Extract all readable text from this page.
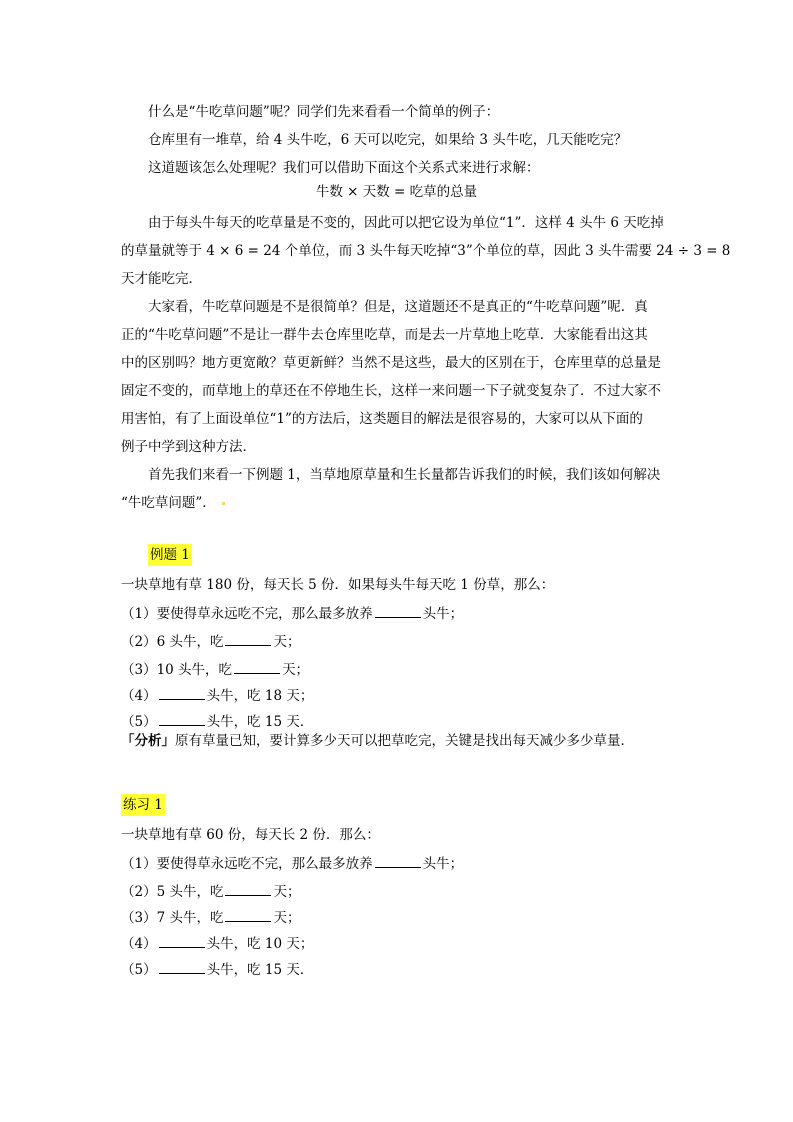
什么是“牛吃草问题”呢？同学们先来看看一个简单的例子：
仓库里有一堆草，给 4 头牛吃，6 天可以吃完，如果给 3 头牛吃，几天能吃完？
这道题该怎么处理呢？我们可以借助下面这个关系式来进行求解：
牛数 × 天数 = 吃草的总量
由于每头牛每天的吃草量是不变的，因此可以把它设为单位“1”．这样 4 头牛 6 天吃掉
的草量就等于 4 × 6 = 24 个单位，而 3 头牛每天吃掉“3”个单位的草，因此 3 头牛需要 24 ÷ 3 = 8
天才能吃完．
大家看，牛吃草问题是不是很简单？但是，这道题还不是真正的“牛吃草问题”呢．真
正的“牛吃草问题”不是让一群牛去仓库里吃草，而是去一片草地上吃草．大家能看出这其
中的区别吗？地方更宽敞？草更新鲜？当然不是这些，最大的区别在于，仓库里草的总量是
固定不变的，而草地上的草还在不停地生长，这样一来问题一下子就变复杂了．不过大家不
用害怕，有了上面设单位“1”的方法后，这类题目的解法是很容易的，大家可以从下面的
例子中学到这种方法．
首先我们来看一下例题 1，当草地原草量和生长量都告诉我们的时候，我们该如何解决
“牛吃草问题”．
例题 1
一块草地有草 180 份，每天长 5 份．如果每头牛每天吃 1 份草，那么：
（1）要使得草永远吃不完，那么最多放养	头牛；
（2）6 头牛，吃	天；
（3）10 头牛，吃	天；
（4）	头牛，吃 18 天；
（5）	头牛，吃 15 天．
「分析」原有草量已知，要计算多少天可以把草吃完，关键是找出每天减少多少草量．
练习 1
一块草地有草 60 份，每天长 2 份．那么：
（1）要使得草永远吃不完，那么最多放养	头牛；
（2）5 头牛，吃	天；
（3）7 头牛，吃	天；
（4）	头牛，吃 10 天；
（5）	头牛，吃 15 天．
